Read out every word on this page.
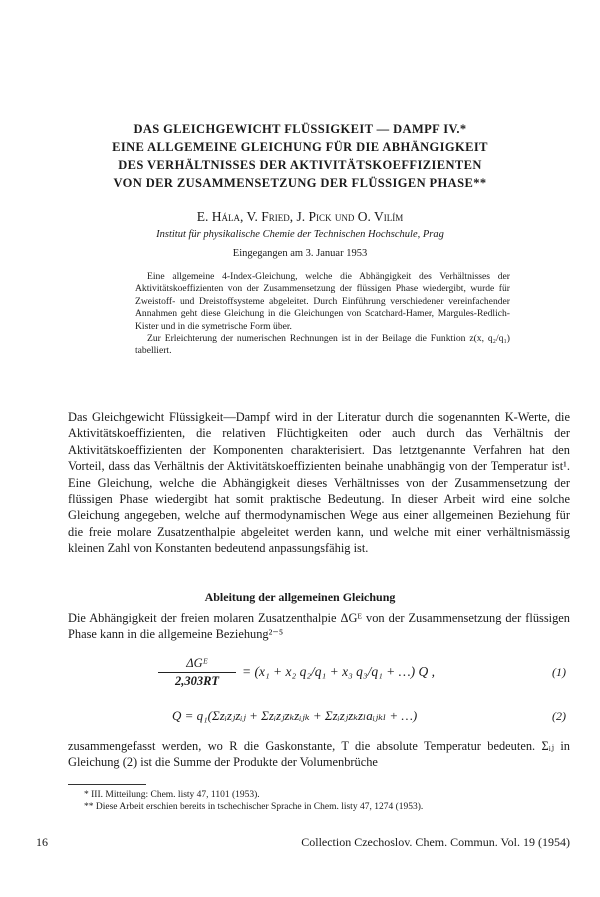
DAS GLEICHGEWICHT FLÜSSIGKEIT — DAMPF IV.*
EINE ALLGEMEINE GLEICHUNG FÜR DIE ABHÄNGIGKEIT
DES VERHÄLTNISSES DER AKTIVITÄTSKOEFFIZIENTEN
VON DER ZUSAMMENSETZUNG DER FLÜSSIGEN PHASE**
E. Hála, V. Fried, J. Pick und O. Vilím
Institut für physikalische Chemie der Technischen Hochschule, Prag
Eingegangen am 3. Januar 1953

Eine allgemeine 4-Index-Gleichung, welche die Abhängigkeit des Verhältnisses der Aktivitätskoeffizienten von der Zusammensetzung der flüssigen Phase wiedergibt, wurde für Zweistoff- und Dreistoffsysteme abgeleitet. Durch Einführung verschiedener vereinfachender Annahmen geht diese Gleichung in die Gleichungen von Scatchard-Hamer, Margules-Redlich-Kister und in die symetrische Form über.

Zur Erleichterung der numerischen Rechnungen ist in der Beilage die Funktion z(x, q₂/q₁) tabelliert.

Das Gleichgewicht Flüssigkeit—Dampf wird in der Literatur durch die sogenannten K-Werte, die Aktivitätskoeffizienten, die relativen Flüchtigkeiten oder auch durch das Verhältnis der Aktivitätskoeffizienten der Komponenten charakterisiert. Das letztgenannte Verfahren hat den Vorteil, dass das Verhältnis der Aktivitätskoeffizienten beinahe unabhängig von der Temperatur ist¹. Eine Gleichung, welche die Abhängigkeit dieses Verhältnisses von der Zusammensetzung der flüssigen Phase wiedergibt hat somit praktische Bedeutung. In dieser Arbeit wird eine solche Gleichung angegeben, welche auf thermodynamischen Wege aus einer allgemeinen Beziehung für die freie molare Zusatzenthalpie abgeleitet werden kann, und welche mit einer verhältnismässig kleinen Zahl von Konstanten bedeutend anpassungsfähig ist.
Ableitung der allgemeinen Gleichung
Die Abhängigkeit der freien molaren Zusatzenthalpie ΔGᴱ von der Zusammensetzung der flüssigen Phase kann in die allgemeine Beziehung²⁻⁵
ΔGᴱ
2,303RT
= (x₁ + x₂ q₂/q₁ + x₃ q₃/q₁ + …) Q ,	(1)
Q = q₁(Σzᵢzⱼzᵢⱼ + Σzᵢzⱼzₖzᵢⱼₖ + Σzᵢzⱼzₖzₗaᵢⱼₖₗ + …)	(2)
zusammengefasst werden, wo R die Gaskonstante, T die absolute Temperatur bedeuten. Σᵢⱼ in Gleichung (2) ist die Summe der Produkte der Volumenbrüche
* III. Mitteilung: Chem. listy 47, 1101 (1953).
** Diese Arbeit erschien bereits in tschechischer Sprache in Chem. listy 47, 1274 (1953).
16	Collection Czechoslov. Chem. Commun. Vol. 19 (1954)
